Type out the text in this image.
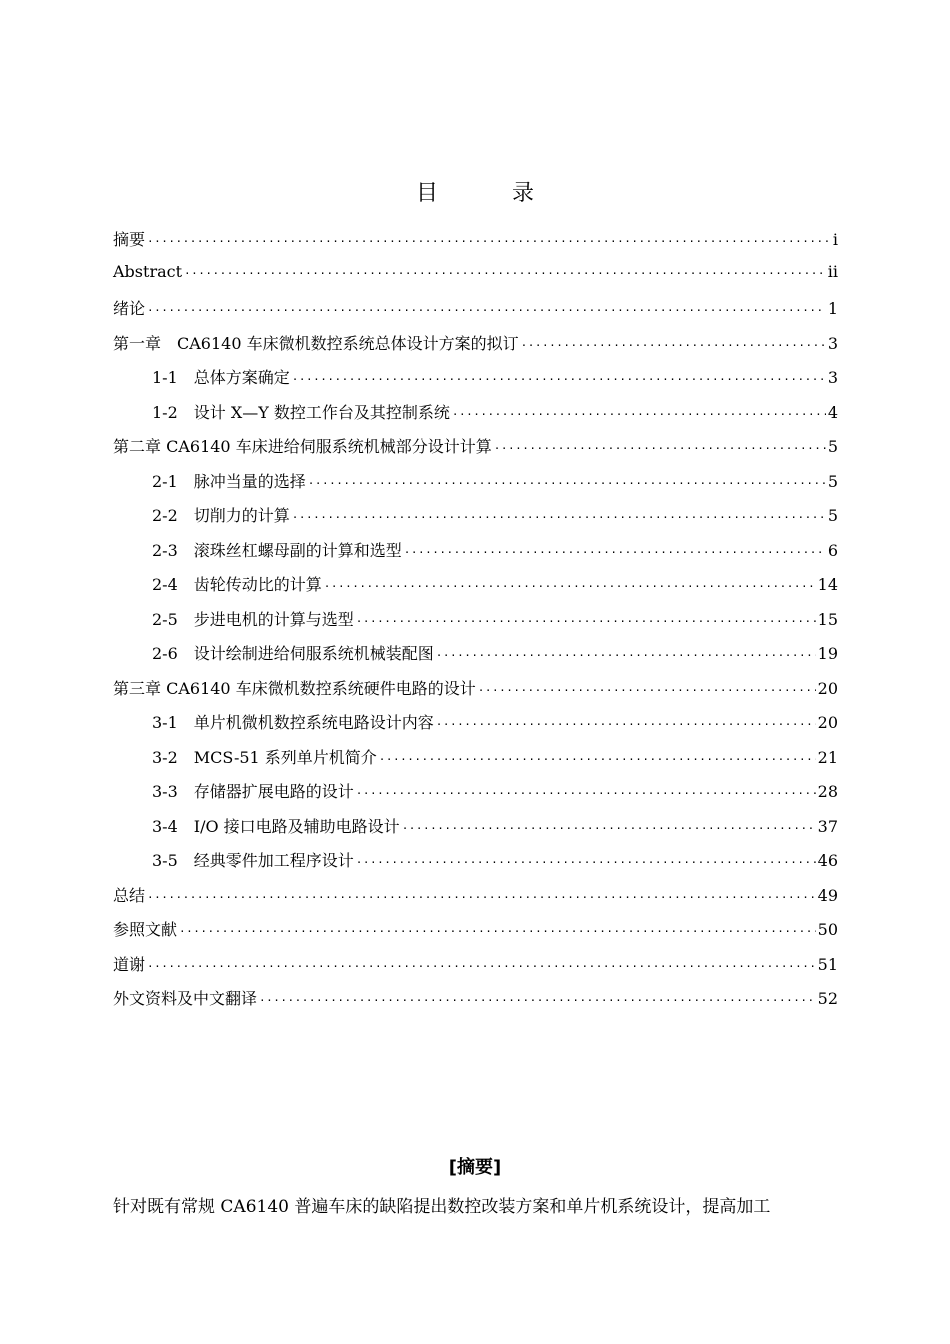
目　录
摘要 ·····	i
Abstract ·····	ii
绪论 ·····	1
第一章　CA6140 车床微机数控系统总体设计方案的拟订 ·····	3
1-1　总体方案确定 ·····	3
1-2　设计 X—Y 数控工作台及其控制系统 ·····	4
第二章 CA6140 车床进给伺服系统机械部分设计计算 ·····	5
2-1　脉冲当量的选择 ·····	5
2-2　切削力的计算 ·····	5
2-3　滚珠丝杠螺母副的计算和选型 ·····	6
2-4　齿轮传动比的计算 ·····	14
2-5　步进电机的计算与选型 ·····	15
2-6　设计绘制进给伺服系统机械装配图 ·····	19
第三章 CA6140 车床微机数控系统硬件电路的设计 ·····	20
3-1　单片机微机数控系统电路设计内容 ·····	20
3-2　MCS-51 系列单片机简介 ·····	21
3-3　存储器扩展电路的设计 ·····	28
3-4　I/O 接口电路及辅助电路设计 ·····	37
3-5　经典零件加工程序设计 ·····	46
总结 ·····	49
参照文献 ·····	50
道谢 ·····	51
外文资料及中文翻译 ·····	52
[摘要]
针对既有常规 CA6140 普遍车床的缺陷提出数控改装方案和单片机系统设计，提高加工
